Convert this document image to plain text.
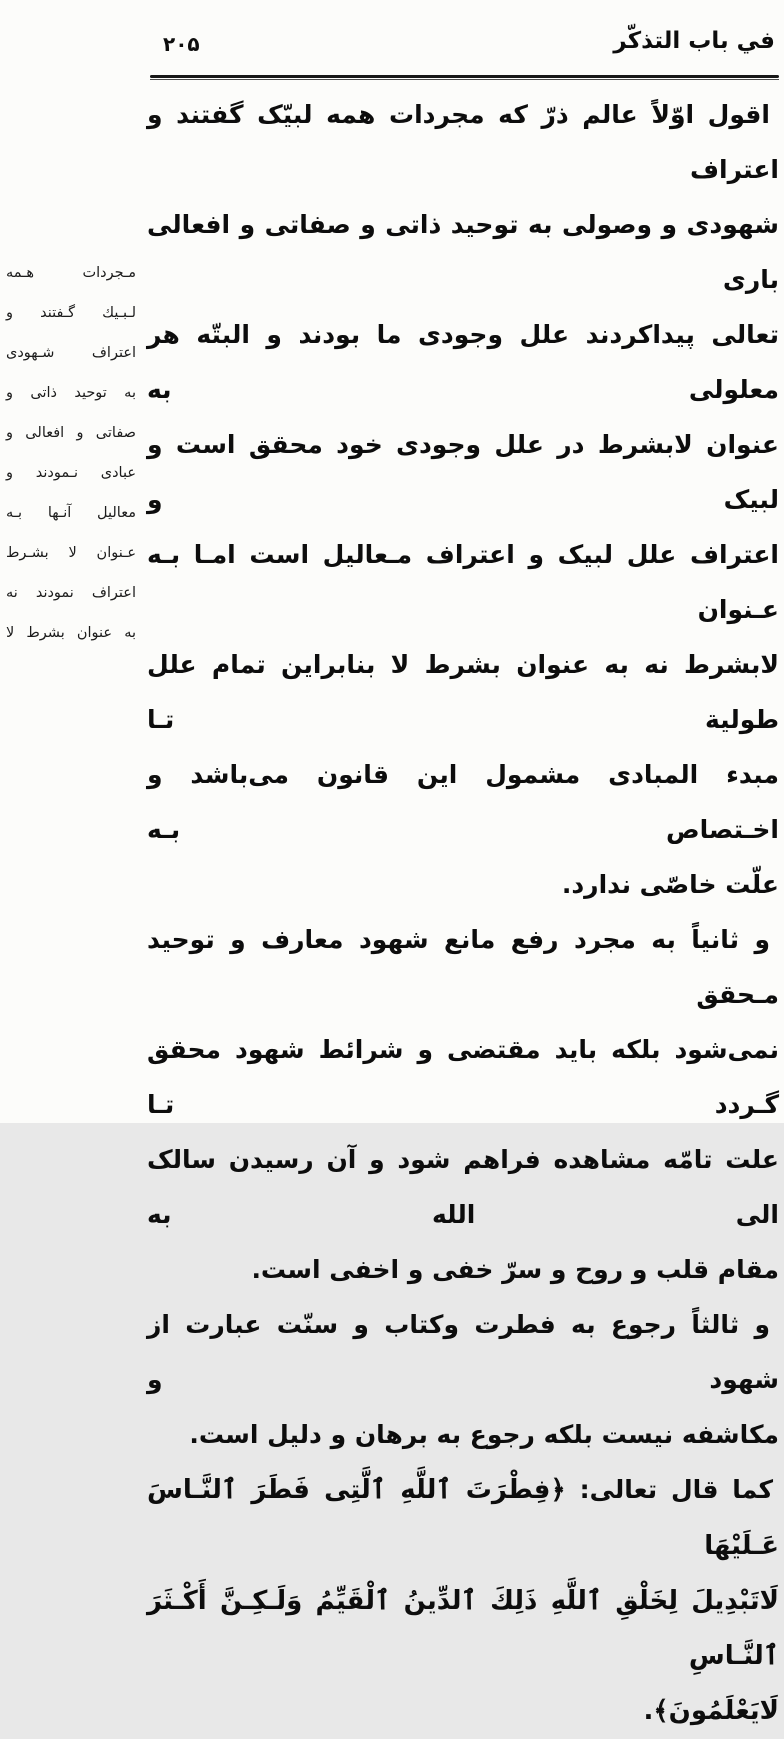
۲۰۵	في باب التذكّر
مـجردات هـمه
لـبـيك گـفتند و
اعتراف شـهودی
به توحيد ذاتی و
صفاتی و افعالی و
عبادی نـمودند و
معاليل آنـها بـه
عـنوان لا بشـرط
اعتراف نمودند نه
به عنوان بشرط لا
اقول اوّلاً عالم ذرّ كه مجردات همه لبيّک گفتند و اعتراف
شهودی و وصولی به توحيد ذاتی و صفاتی و افعالی باری
تعالی پيداكردند علل وجودی ما بودند و البتّه هر معلولی به
عنوان لابشرط در علل وجودی خود محقق است و لبيک و
اعتراف علل لبيک و اعتراف مـعاليل است امـا بـه عـنوان
لابشرط نه به عنوان بشرط لا بنابراين تمام علل طولية تـا
مبدء المبادی مشمول اين قانون می‌باشد و اخـتصاص بـه
علّت خاصّی ندارد.
و ثانياً به مجرد رفع مانع شهود معارف و توحيد مـحقق
نمی‌شود بلكه بايد مقتضی و شرائط شهود محقق گـردد تـا
علت تامّه مشاهده فراهم شود و آن رسيدن سالک الی الله به
مقام قلب و روح و سرّ خفی و اخفی است.
و ثالثاً رجوع به فطرت وكتاب و سنّت عبارت از شهود و
مكاشفه نيست بلكه رجوع به برهان و دليل است.
كما قال تعالى: ﴿فِطْرَتَ ٱللَّهِ ٱلَّتِى فَطَرَ ٱلنَّـاسَ عَـلَيْهَا
لَاتَبْدِيلَ لِخَلْقِ ٱللَّهِ ذَلِكَ ٱلدِّينُ ٱلْقَيِّمُ وَلَـكِـنَّ أَكْـثَرَ ٱلنَّـاسِ
لَايَعْلَمُونَ﴾.
